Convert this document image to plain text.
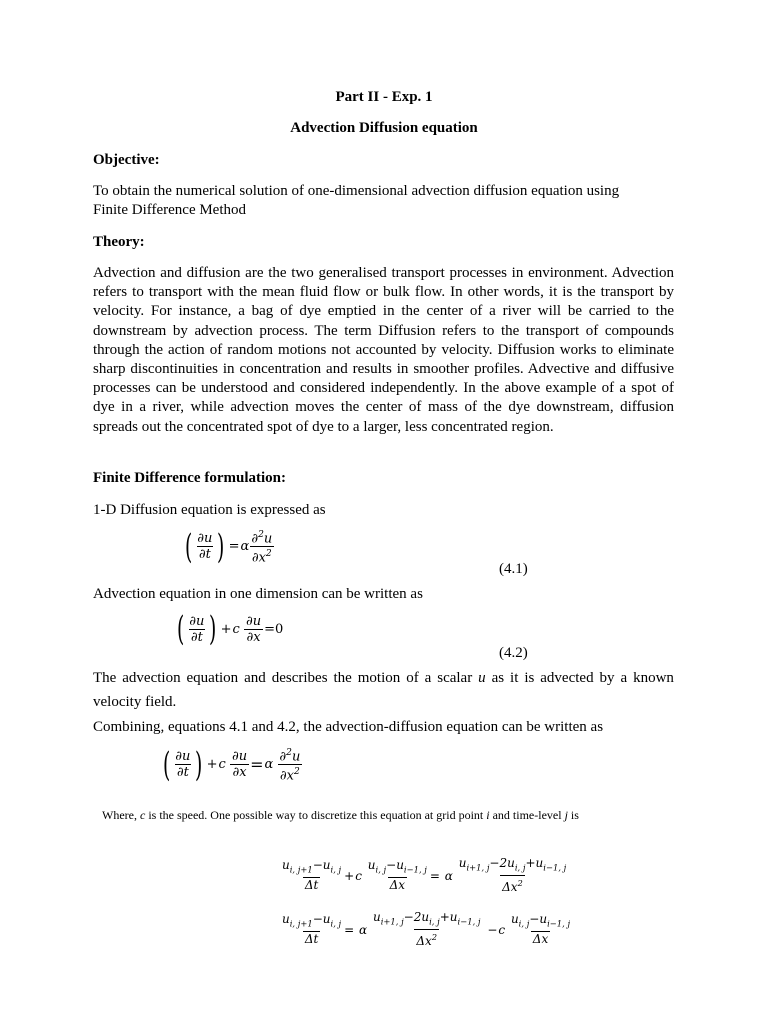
Part II - Exp. 1
Advection Diffusion equation
Objective:
To obtain the numerical solution of one-dimensional advection diffusion equation using
Finite Difference Method
Theory:
Advection and diffusion are the two generalised transport processes in environment. Advection refers to transport with the mean fluid flow or bulk flow. In other words, it is the transport by velocity. For instance, a bag of dye emptied in the center of a river will be carried to the downstream by advection process. The term Diffusion refers to the transport of compounds through the action of random motions not accounted by velocity. Diffusion works to eliminate sharp discontinuities in concentration and results in smoother profiles. Advective and diffusive processes can be understood and considered independently. In the above example of a spot of dye in a river, while advection moves the center of mass of the dye downstream, diffusion spreads out the concentrated spot of dye to a larger, less concentrated region.
Finite Difference formulation:
1-D Diffusion equation is expressed as
( $\frac{\partial u}{\partial t}$ ) = α $\frac{\partial^2u}{\partial x^2}$
(4.1)
Advection equation in one dimension can be written as
( $\frac{\partial u}{\partial t}$ ) + c
$\frac{\partial u}{\partial x} =0$
(4.2)
The advection equation and describes the motion of a scalar u as it is advected by a known
velocity field.
Combining, equations 4.1 and 4.2, the advection-diffusion equation can be written as
( $\frac{\partial u}{\partial t}$ ) + c
$\frac{\partial u}{\partial x} = \alpha$
$\frac{\partial^2u}{\partial x^2}$
Where, c is the speed. One possible way to discretize this equation at grid point i and time-level j is
$\frac{u_{i, j+1}-u_{i, j}}{\Delta t} + c$
$\frac{u_{i, j}-u_{i-1, j}}{\Delta x}$ =
α
$\frac{u_{i+1, j}-2u_{i, j}+u_{i-1, j}}{\Delta x^2}$
$\frac{u_{i, j+1}-u_{i, j}}{\Delta t}$ =
α
$\frac{u_{i+1, j}-2u_{i, j}+u_{i-1, j}}{\Delta x^2} - c$
$\frac{u_{i, j}-u_{i-1, j}}{\Delta x}$
